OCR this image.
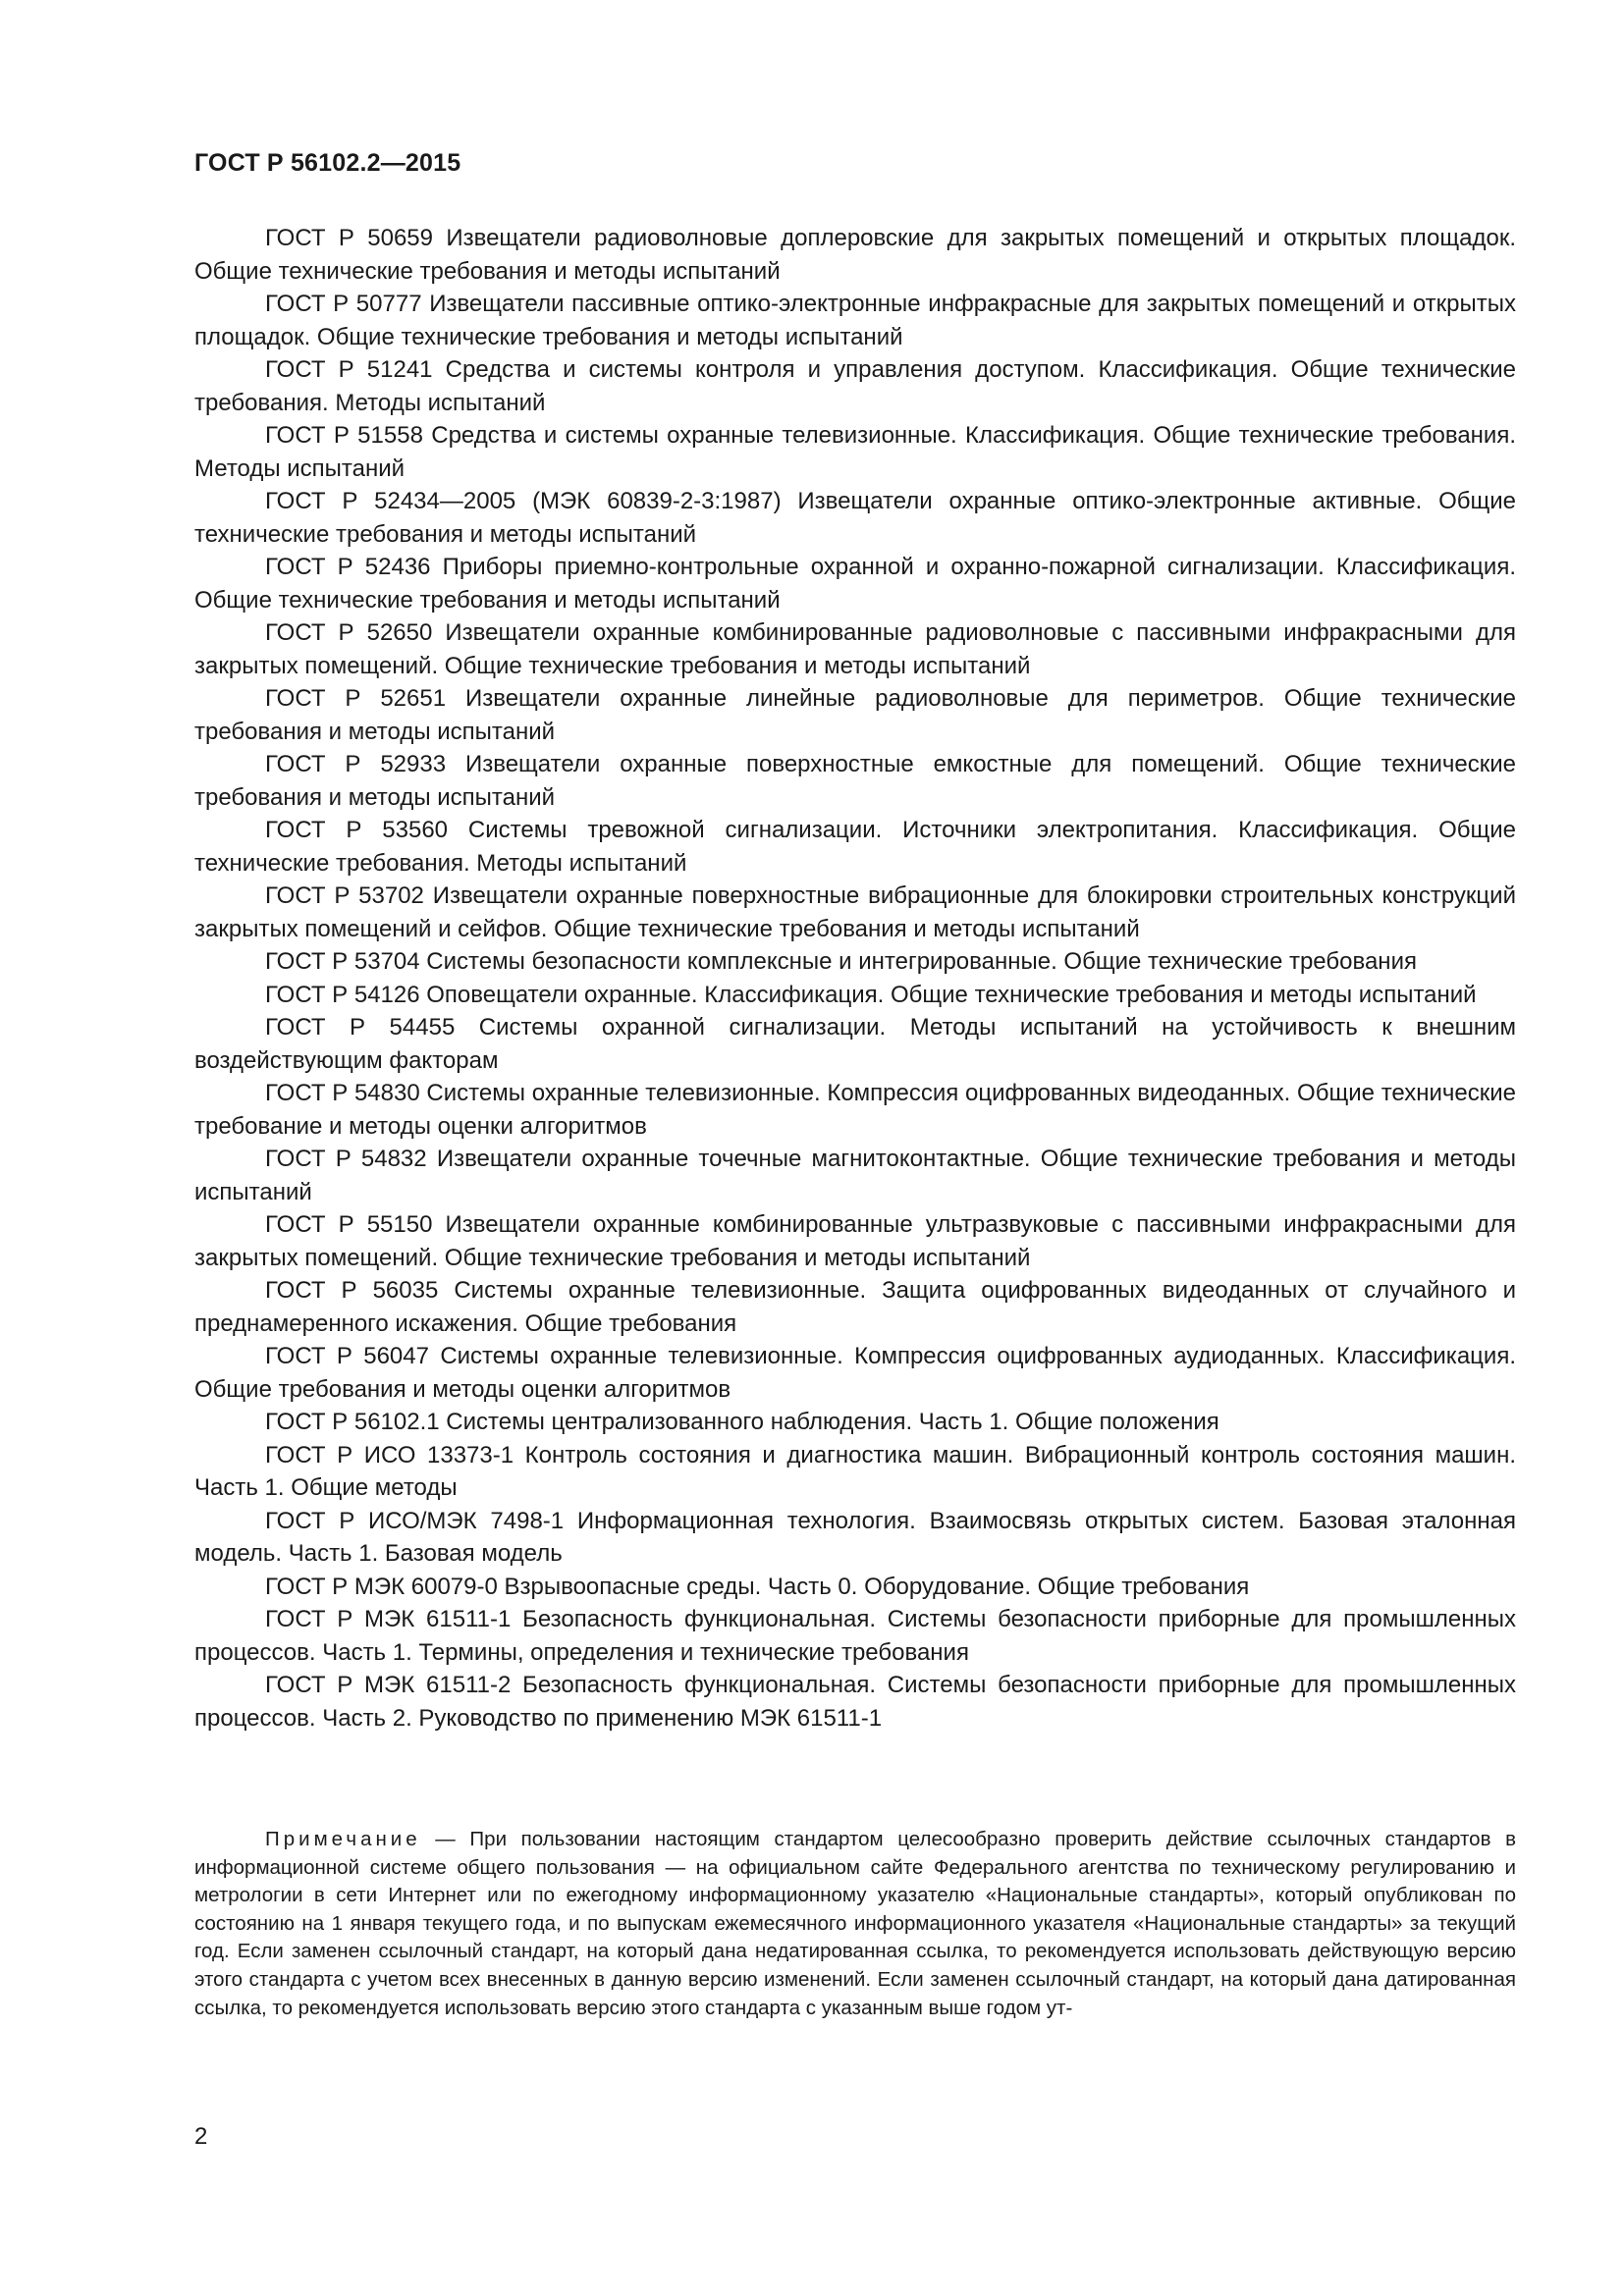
ГОСТ Р 56102.2—2015
ГОСТ Р 50659 Извещатели радиоволновые доплеровские для закрытых помещений и открытых площадок. Общие технические требования и методы испытаний
ГОСТ Р 50777 Извещатели пассивные оптико-электронные инфракрасные для закрытых помещений и открытых площадок. Общие технические требования и методы испытаний
ГОСТ Р 51241 Средства и системы контроля и управления доступом. Классификация. Общие технические требования. Методы испытаний
ГОСТ Р 51558 Средства и системы охранные телевизионные. Классификация. Общие технические требования. Методы испытаний
ГОСТ Р 52434—2005 (МЭК 60839-2-3:1987) Извещатели охранные оптико-электронные активные. Общие технические требования и методы испытаний
ГОСТ Р 52436 Приборы приемно-контрольные охранной и охранно-пожарной сигнализации. Классификация. Общие технические требования и методы испытаний
ГОСТ Р 52650 Извещатели охранные комбинированные радиоволновые с пассивными инфракрасными для закрытых помещений. Общие технические требования и методы испытаний
ГОСТ Р 52651 Извещатели охранные линейные радиоволновые для периметров. Общие технические требования и методы испытаний
ГОСТ Р 52933 Извещатели охранные поверхностные емкостные для помещений. Общие технические требования и методы испытаний
ГОСТ Р 53560 Системы тревожной сигнализации. Источники электропитания. Классификация. Общие технические требования. Методы испытаний
ГОСТ Р 53702 Извещатели охранные поверхностные вибрационные для блокировки строительных конструкций закрытых помещений и сейфов. Общие технические требования и методы испытаний
ГОСТ Р 53704 Системы безопасности комплексные и интегрированные. Общие технические требования
ГОСТ Р 54126 Оповещатели охранные. Классификация. Общие технические требования и методы испытаний
ГОСТ Р 54455 Системы охранной сигнализации. Методы испытаний на устойчивость к внешним воздействующим факторам
ГОСТ Р 54830 Системы охранные телевизионные. Компрессия оцифрованных видеоданных. Общие технические требование и методы оценки алгоритмов
ГОСТ Р 54832 Извещатели охранные точечные магнитоконтактные. Общие технические требования и методы испытаний
ГОСТ Р 55150 Извещатели охранные комбинированные ультразвуковые с пассивными инфракрасными для закрытых помещений. Общие технические требования и методы испытаний
ГОСТ Р 56035 Системы охранные телевизионные. Защита оцифрованных видеоданных от случайного и преднамеренного искажения. Общие требования
ГОСТ Р 56047 Системы охранные телевизионные. Компрессия оцифрованных аудиоданных. Классификация. Общие требования и методы оценки алгоритмов
ГОСТ Р 56102.1 Системы централизованного наблюдения. Часть 1. Общие положения
ГОСТ Р ИСО 13373-1 Контроль состояния и диагностика машин. Вибрационный контроль состояния машин. Часть 1. Общие методы
ГОСТ Р ИСО/МЭК 7498-1 Информационная технология. Взаимосвязь открытых систем. Базовая эталонная модель. Часть 1. Базовая модель
ГОСТ Р МЭК 60079-0 Взрывоопасные среды. Часть 0. Оборудование. Общие требования
ГОСТ Р МЭК 61511-1 Безопасность функциональная. Системы безопасности приборные для промышленных процессов. Часть 1. Термины, определения и технические требования
ГОСТ Р МЭК 61511-2 Безопасность функциональная. Системы безопасности приборные для промышленных процессов. Часть 2. Руководство по применению МЭК 61511-1

Примечание — При пользовании настоящим стандартом целесообразно проверить действие ссылочных стандартов в информационной системе общего пользования — на официальном сайте Федерального агентства по техническому регулированию и метрологии в сети Интернет или по ежегодному информационному указателю «Национальные стандарты», который опубликован по состоянию на 1 января текущего года, и по выпускам ежемесячного информационного указателя «Национальные стандарты» за текущий год. Если заменен ссылочный стандарт, на который дана недатированная ссылка, то рекомендуется использовать действующую версию этого стандарта с учетом всех внесенных в данную версию изменений. Если заменен ссылочный стандарт, на который дана датированная ссылка, то рекомендуется использовать версию этого стандарта с указанным выше годом ут-

2
